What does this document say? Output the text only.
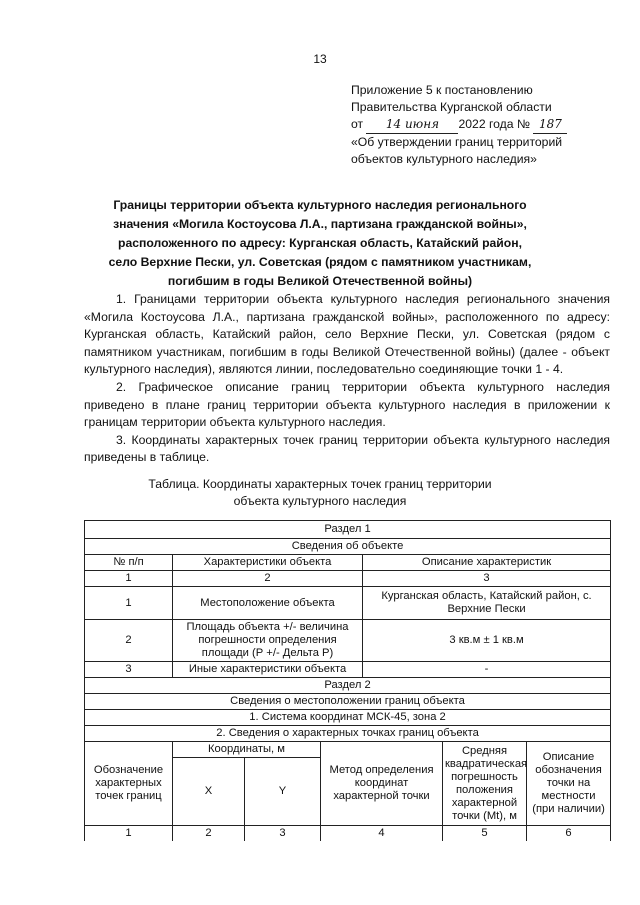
13
Приложение 5 к постановлению
Правительства Курганской области
от 14 июня 2022 года № 187
«Об утверждении границ территорий
объектов культурного наследия»
Границы территории объекта культурного наследия регионального
значения «Могила Костоусова Л.А., партизана гражданской войны»,
расположенного по адресу: Курганская область, Катайский район,
село Верхние Пески, ул. Советская (рядом с памятником участникам,
погибшим в годы Великой Отечественной войны)

1. Границами территории объекта культурного наследия регионального значения «Могила Костоусова Л.А., партизана гражданской войны», расположенного по адресу: Курганская область, Катайский район, село Верхние Пески, ул. Советская (рядом с памятником участникам, погибшим в годы Великой Отечественной войны) (далее - объект культурного наследия), являются линии, последовательно соединяющие точки 1 - 4.

2. Графическое описание границ территории объекта культурного наследия приведено в плане границ территории объекта культурного наследия в приложении к границам территории объекта культурного наследия.

3. Координаты характерных точек границ территории объекта культурного наследия приведены в таблице.

Таблица. Координаты характерных точек границ территории
объекта культурного наследия
Раздел 1						
Сведения об объекте						
№ п/п	Характеристики объекта			Описание характеристик		
1	2			3		
1	Местоположение объекта			Курганская область, Катайский район, с. Верхние Пески		
2	Площадь объекта +/- величина погрешности определения площади (Р +/- Дельта Р)			3 кв.м ± 1 кв.м		
3	Иные характеристики объекта			-		
Раздел 2						
Сведения о местоположении границ объекта						
1. Система координат МСК-45, зона 2						
2. Сведения о характерных точках границ объекта						
Обозначение характерных точек границ	Координаты, м		Метод определения координат характерной точки		Средняя квадратическая погрешность положения характерной точки (Mt), м	Описание обозначения точки на местности (при наличии)
	X	Y				
1	2	3	4		5	6
